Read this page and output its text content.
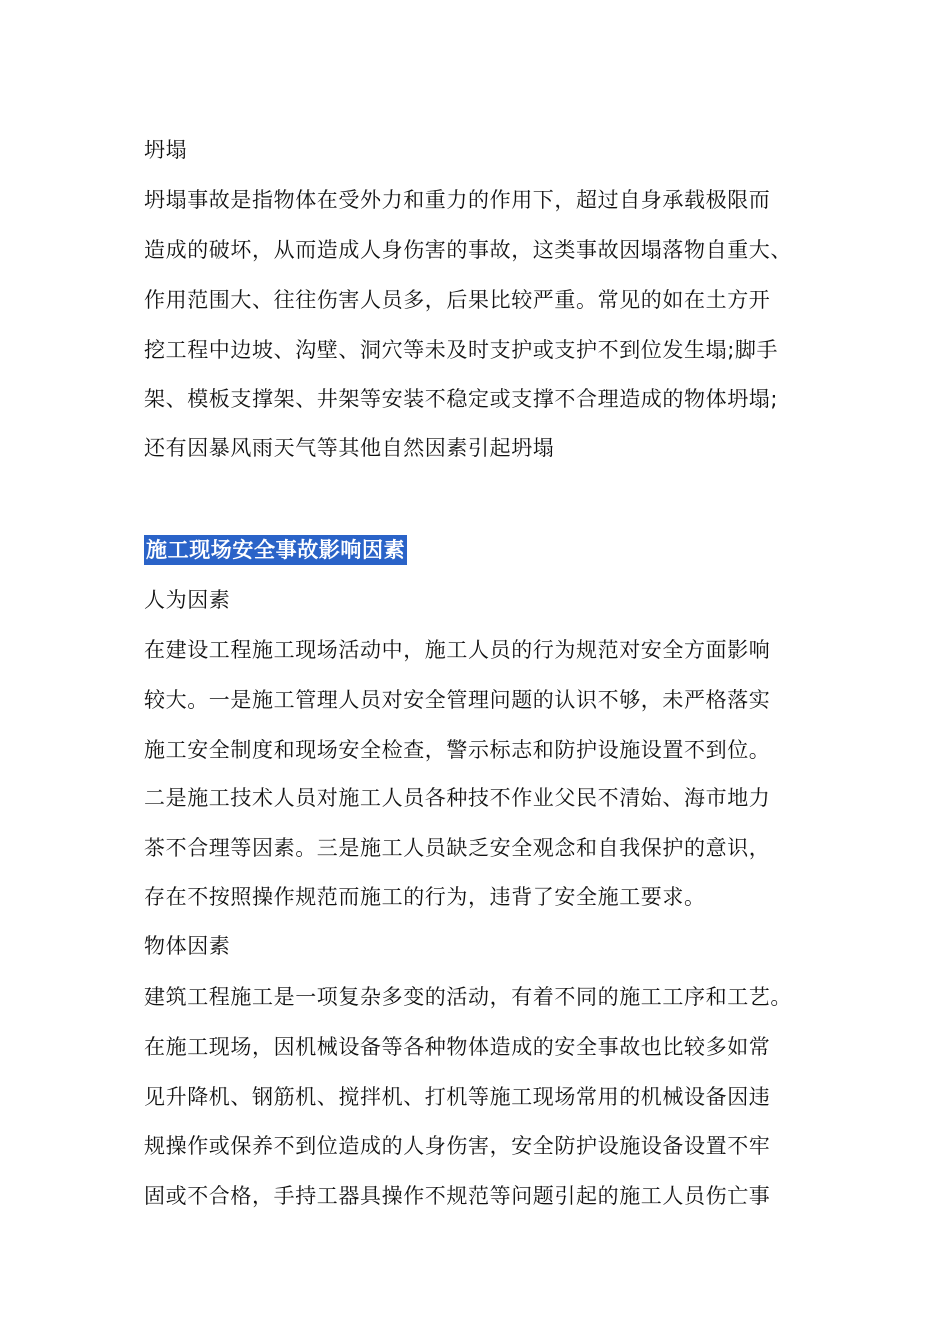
坍塌
坍塌事故是指物体在受外力和重力的作用下，超过自身承载极限而
造成的破坏，从而造成人身伤害的事故，这类事故因塌落物自重大、
作用范围大、往往伤害人员多，后果比较严重。常见的如在土方开
挖工程中边坡、沟壁、洞穴等未及时支护或支护不到位发生塌;脚手
架、模板支撑架、井架等安装不稳定或支撑不合理造成的物体坍塌;
还有因暴风雨天气等其他自然因素引起坍塌
施工现场安全事故影响因素
人为因素
在建设工程施工现场活动中，施工人员的行为规范对安全方面影响
较大。一是施工管理人员对安全管理问题的认识不够，未严格落实
施工安全制度和现场安全检查，警示标志和防护设施设置不到位。
二是施工技术人员对施工人员各种技不作业父民不清始、海市地力
茶不合理等因素。三是施工人员缺乏安全观念和自我保护的意识，
存在不按照操作规范而施工的行为，违背了安全施工要求。
物体因素
建筑工程施工是一项复杂多变的活动，有着不同的施工工序和工艺。
在施工现场，因机械设备等各种物体造成的安全事故也比较多如常
见升降机、钢筋机、搅拌机、打机等施工现场常用的机械设备因违
规操作或保养不到位造成的人身伤害，安全防护设施设备设置不牢
固或不合格，手持工器具操作不规范等问题引起的施工人员伤亡事
